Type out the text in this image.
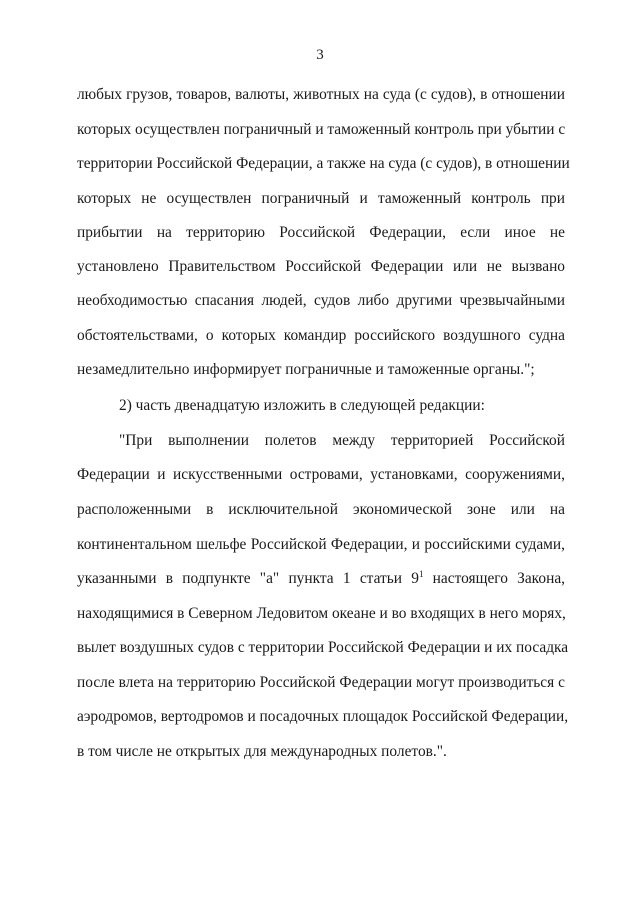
3
любых грузов, товаров, валюты, животных на суда (с судов), в отношении
которых осуществлен пограничный и таможенный контроль при убытии с
территории Российской Федерации, а также на суда (с судов), в отношении
которых не осуществлен пограничный и таможенный контроль при
прибытии на территорию Российской Федерации, если иное не
установлено Правительством Российской Федерации или не вызвано
необходимостью спасания людей, судов либо другими чрезвычайными
обстоятельствами, о которых командир российского воздушного судна
незамедлительно информирует пограничные и таможенные органы.";
2) часть двенадцатую изложить в следующей редакции:
"При выполнении полетов между территорией Российской
Федерации и искусственными островами, установками, сооружениями,
расположенными в исключительной экономической зоне или на
континентальном шельфе Российской Федерации, и российскими судами,
указанными в подпункте "а" пункта 1 статьи $9^1$ настоящего Закона,
находящимися в Северном Ледовитом океане и во входящих в него морях,
вылет воздушных судов с территории Российской Федерации и их посадка
после влета на территорию Российской Федерации могут производиться с
аэродромов, вертодромов и посадочных площадок Российской Федерации,
в том числе не открытых для международных полетов.".
